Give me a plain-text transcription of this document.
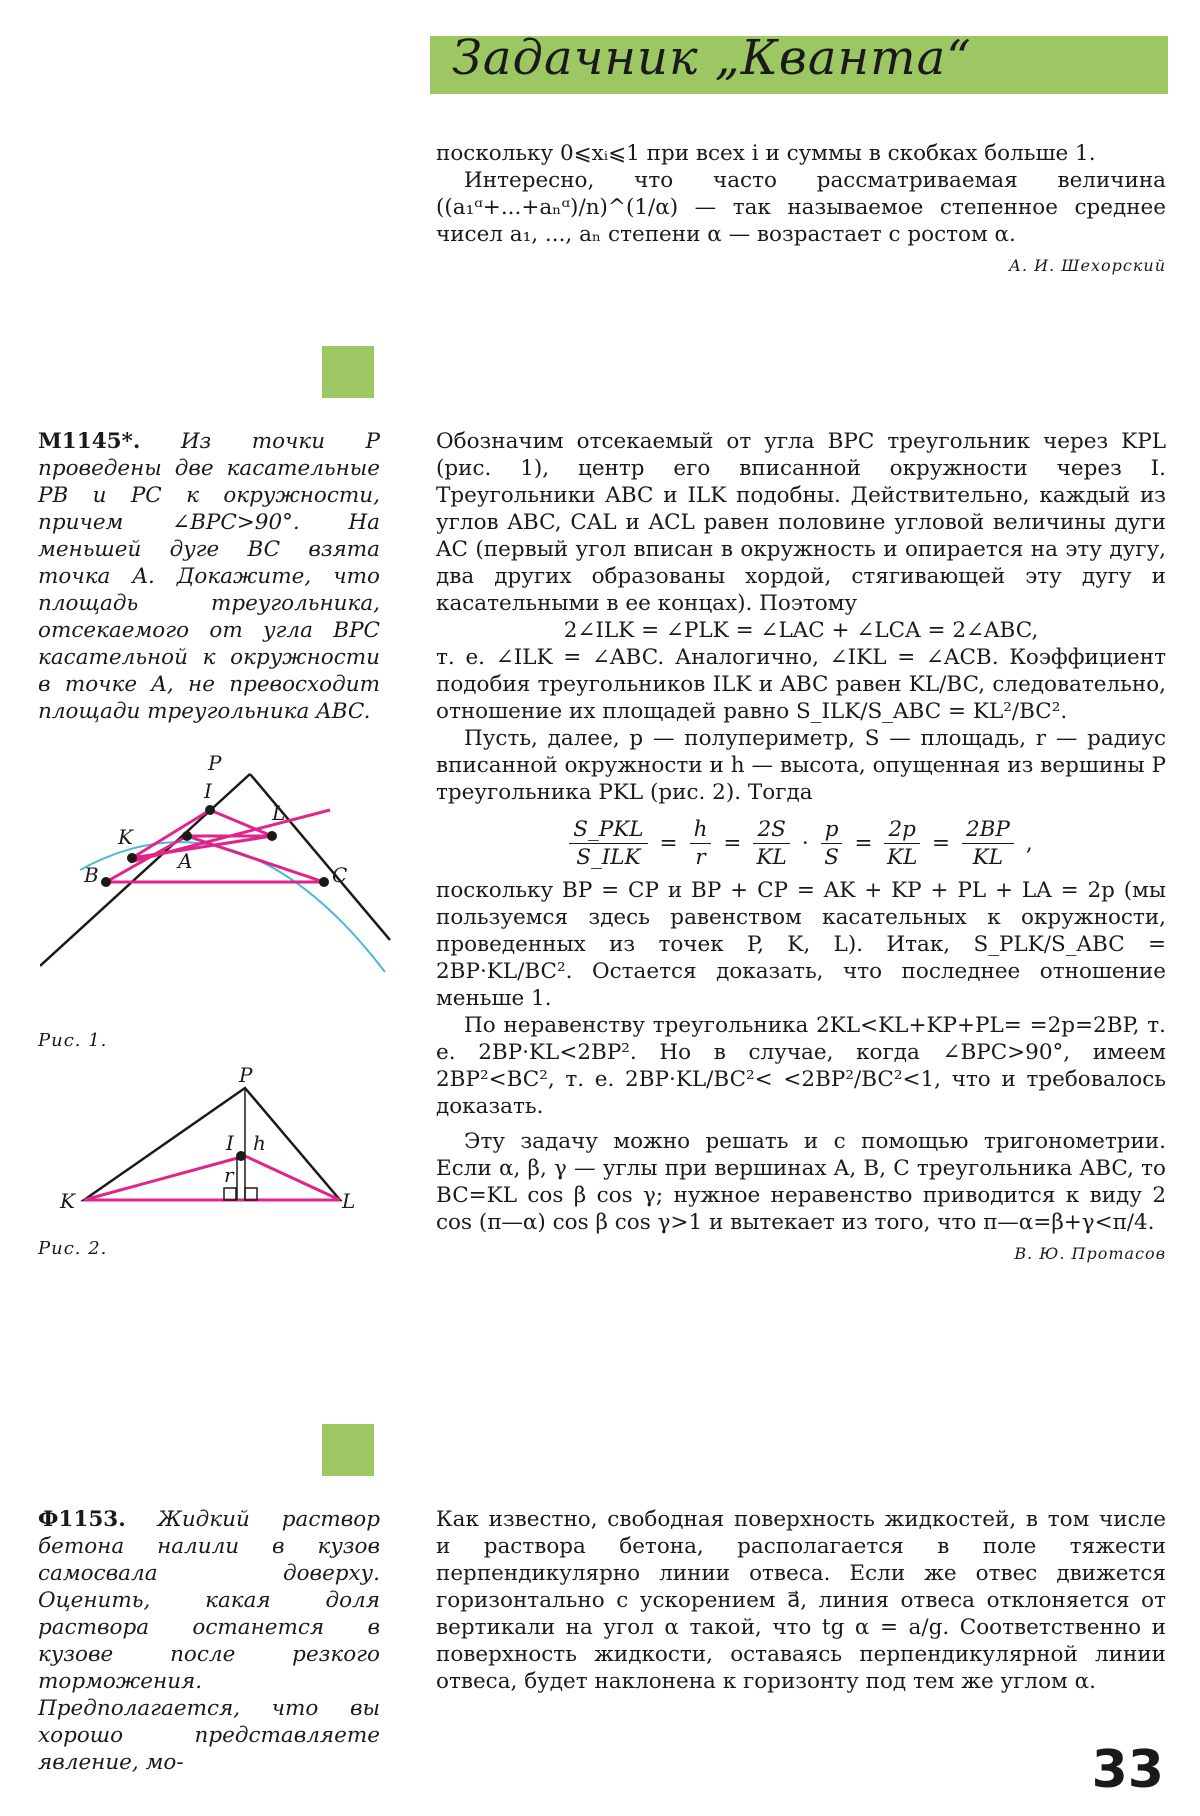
Задачник „Кванта“

поскольку 0⩽xᵢ⩽1 при всех i и суммы в скобках больше 1.

Интересно, что часто рассматриваемая величина ((a₁ᵅ+...+aₙᵅ)/n)^(1/α) — так называемое степенное среднее чисел a₁, ..., aₙ степени α — возрастает с ростом α.

А. И. Шехорский
M1145*. Из точки P проведены две касательные PB и PC к окружности, причем ∠BPC>90°. На меньшей дуге BC взята точка A. Докажите, что площадь треугольника, отсекаемого от угла BPC касательной к окружности в точке A, не превосходит площади треугольника ABC.
P
I
L
K
A
B	C
Рис. 1.
P
I h
r
K	L
Рис. 2.

Обозначим отсекаемый от угла BPC треугольник через KPL (рис. 1), центр его вписанной окружности через I. Треугольники ABC и ILK подобны. Действительно, каждый из углов ABC, CAL и ACL равен половине угловой величины дуги AC (первый угол вписан в окружность и опирается на эту дугу, два других образованы хордой, стягивающей эту дугу и касательными в ее концах). Поэтому

2∠ILK = ∠PLK = ∠LAC + ∠LCA = 2∠ABC,

т. е. ∠ILK = ∠ABC. Аналогично, ∠IKL = ∠ACB. Коэффициент подобия треугольников ILK и ABC равен KL/BC, следовательно, отношение их площадей равно S_ILK/S_ABC = KL²/BC².

Пусть, далее, p — полупериметр, S — площадь, r — радиус вписанной окружности и h — высота, опущенная из вершины P треугольника PKL (рис. 2). Тогда

S_PKL
S_ILK
= $\frac{h}{r} = \frac{2S}{KL} \cdot \frac{p}{S} = \frac{2p}{KL} = \frac{2BP}{KL}$ ,

поскольку BP = CP и BP + CP = AK + KP + PL + LA = 2p (мы пользуемся здесь равенством касательных к окружности, проведенных из точек P, K, L). Итак, S_PLK/S_ABC = 2BP·KL/BC². Остается доказать, что последнее отношение меньше 1.

По неравенству треугольника 2KL<KL+KP+PL= =2p=2BP, т. е. 2BP·KL<2BP². Но в случае, когда ∠BPC>90°, имеем 2BP²<BC², т. е. 2BP·KL/BC²< <2BP²/BC²<1, что и требовалось доказать.

Эту задачу можно решать и с помощью тригонометрии. Если α, β, γ — углы при вершинах A, B, C треугольника ABC, то BC=KL cos β cos γ; нужное неравенство приводится к виду 2 cos (π—α) cos β cos γ>1 и вытекает из того, что π—α=β+γ<π/4.

В. Ю. Протасов
Ф1153. Жидкий раствор бетона налили в кузов самосвала доверху. Оценить, какая доля раствора останется в кузове после резкого торможения. Предполагается, что вы хорошо представляете явление, мо-

Как известно, свободная поверхность жидкостей, в том числе и раствора бетона, располагается в поле тяжести перпендикулярно линии отвеса. Если же отвес движется горизонтально с ускорением a⃗, линия отвеса отклоняется от вертикали на угол α такой, что tg α = a/g. Соответственно и поверхность жидкости, оставаясь перпендикулярной линии отвеса, будет наклонена к горизонту под тем же углом α.

33
